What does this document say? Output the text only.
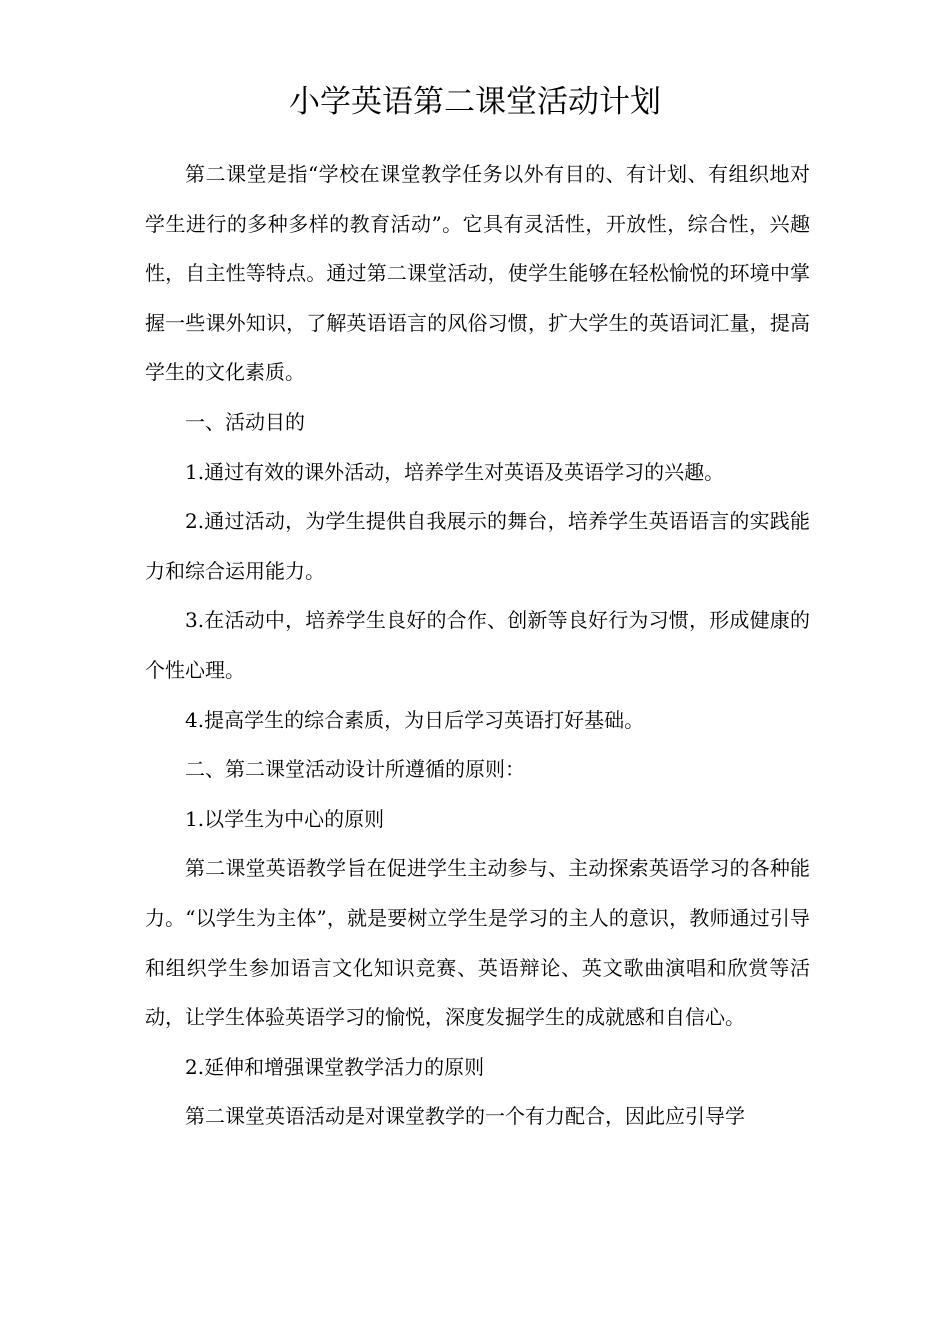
小学英语第二课堂活动计划

第二课堂是指“学校在课堂教学任务以外有目的、有计划、有组织地对学生进行的多种多样的教育活动”。它具有灵活性，开放性，综合性，兴趣性，自主性等特点。通过第二课堂活动，使学生能够在轻松愉悦的环境中掌握一些课外知识，了解英语语言的风俗习惯，扩大学生的英语词汇量，提高学生的文化素质。

一、活动目的

1.通过有效的课外活动，培养学生对英语及英语学习的兴趣。

2.通过活动，为学生提供自我展示的舞台，培养学生英语语言的实践能力和综合运用能力。

3.在活动中，培养学生良好的合作、创新等良好行为习惯，形成健康的个性心理。

4.提高学生的综合素质，为日后学习英语打好基础。

二、第二课堂活动设计所遵循的原则：

1.以学生为中心的原则

第二课堂英语教学旨在促进学生主动参与、主动探索英语学习的各种能力。“以学生为主体”，就是要树立学生是学习的主人的意识，教师通过引导和组织学生参加语言文化知识竞赛、英语辩论、英文歌曲演唱和欣赏等活动，让学生体验英语学习的愉悦，深度发掘学生的成就感和自信心。

2.延伸和增强课堂教学活力的原则

第二课堂英语活动是对课堂教学的一个有力配合，因此应引导学
